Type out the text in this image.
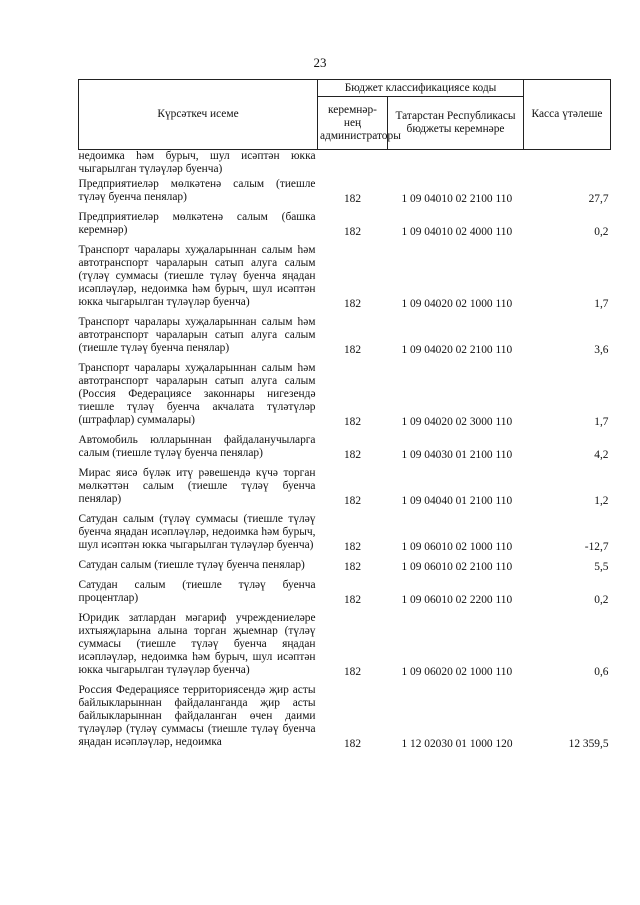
23
Күрсәткеч исеме	Бюджет классификациясе коды		Касса үтәлеше
	керемнәр-нең администраторы	Татарстан Республикасы бюджеты керемнәре	
недоимка һәм бурыч, шул исәптән юкка чыгарылган түләүләр буенча)			
Предприятиеләр мөлкәтенә салым (тиешле түләү буенча пенялар)	182	1 09 04010 02 2100 110	27,7

Предприятиеләр мөлкәтенә салым (башка керемнәр)	182	1 09 04010 02 4000 110	0,2

Транспорт чаралары хуҗаларыннан салым һәм автотранспорт чараларын сатып алуга салым (түләү суммасы (тиешле түләү буенча яңадан исәпләүләр, недоимка һәм бурыч, шул исәптән юкка чыгарылган түләүләр буенча)	182	1 09 04020 02 1000 110	1,7

Транспорт чаралары хуҗаларыннан салым һәм автотранспорт чараларын сатып алуга салым (тиешле түләү буенча пенялар)	182	1 09 04020 02 2100 110	3,6

Транспорт чаралары хуҗаларыннан салым һәм автотранспорт чараларын сатып алуга салым (Россия Федерациясе законнары нигезендә тиешле түләү буенча акчалата түләтүләр (штрафлар) суммалары)	182	1 09 04020 02 3000 110	1,7

Автомобиль юлларыннан файдаланучыларга салым (тиешле түләү буенча пенялар)	182	1 09 04030 01 2100 110	4,2

Мирас яисә бүләк итү рәвешендә күчә торган мөлкәттән салым (тиешле түләү буенча пенялар)	182	1 09 04040 01 2100 110	1,2

Сатудан салым (түләү суммасы (тиешле түләү буенча яңадан исәпләүләр, недоимка һәм бурыч, шул исәптән юкка чыгарылган түләүләр буенча)	182	1 09 06010 02 1000 110	-12,7

Сатудан салым (тиешле түләү буенча пенялар)	182	1 09 06010 02 2100 110	5,5

Сатудан салым (тиешле түләү буенча процентлар)	182	1 09 06010 02 2200 110	0,2

Юридик затлардан мәгариф учреждениеләре ихтыяҗларына алына торган җыемнар (түләү суммасы (тиешле түләү буенча яңадан исәпләүләр, недоимка һәм бурыч, шул исәптән юкка чыгарылган түләүләр буенча)	182	1 09 06020 02 1000 110	0,6

Россия Федерациясе территориясендә җир асты байлыкларыннан файдаланганда җир асты байлыкларыннан файдаланган өчен даими түләүләр (түләү суммасы (тиешле түләү буенча яңадан исәпләүләр, недоимка	182	1 12 02030 01 1000 120	12 359,5
